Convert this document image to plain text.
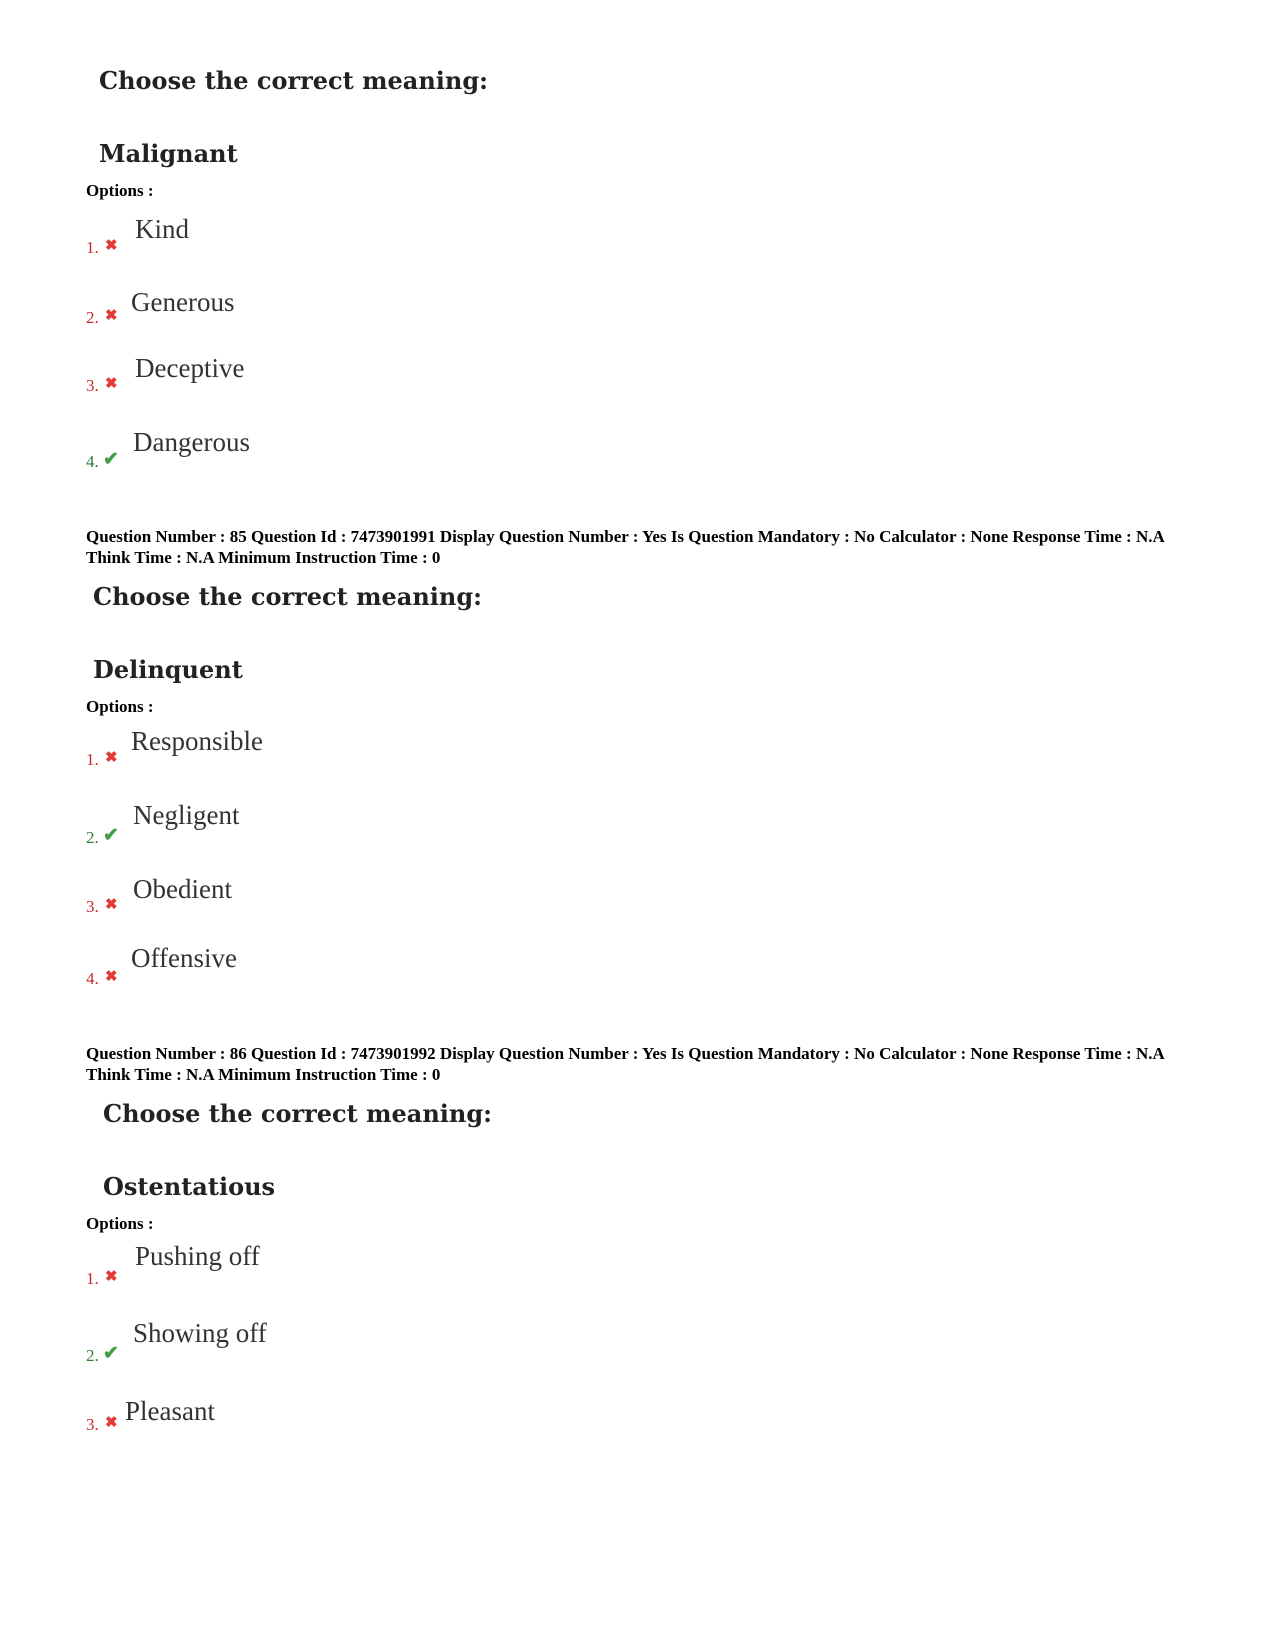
Choose the correct meaning:
Malignant
Options :
1. ✖
Kind
2. ✖ Generous
3. ✖
Deceptive
4. ✔
Dangerous
Question Number : 85 Question Id : 7473901991 Display Question Number : Yes Is Question Mandatory : No Calculator : None Response Time : N.A Think Time : N.A Minimum Instruction Time : 0
Choose the correct meaning:
Delinquent
Options :
1. ✖
Responsible
2. ✔
Negligent
3. ✖
Obedient
4. ✖
Offensive
Question Number : 86 Question Id : 7473901992 Display Question Number : Yes Is Question Mandatory : No Calculator : None Response Time : N.A Think Time : N.A Minimum Instruction Time : 0
Choose the correct meaning:
Ostentatious
Options :
1. ✖
Pushing off
2. ✔
Showing off
3. ✖ Pleasant
